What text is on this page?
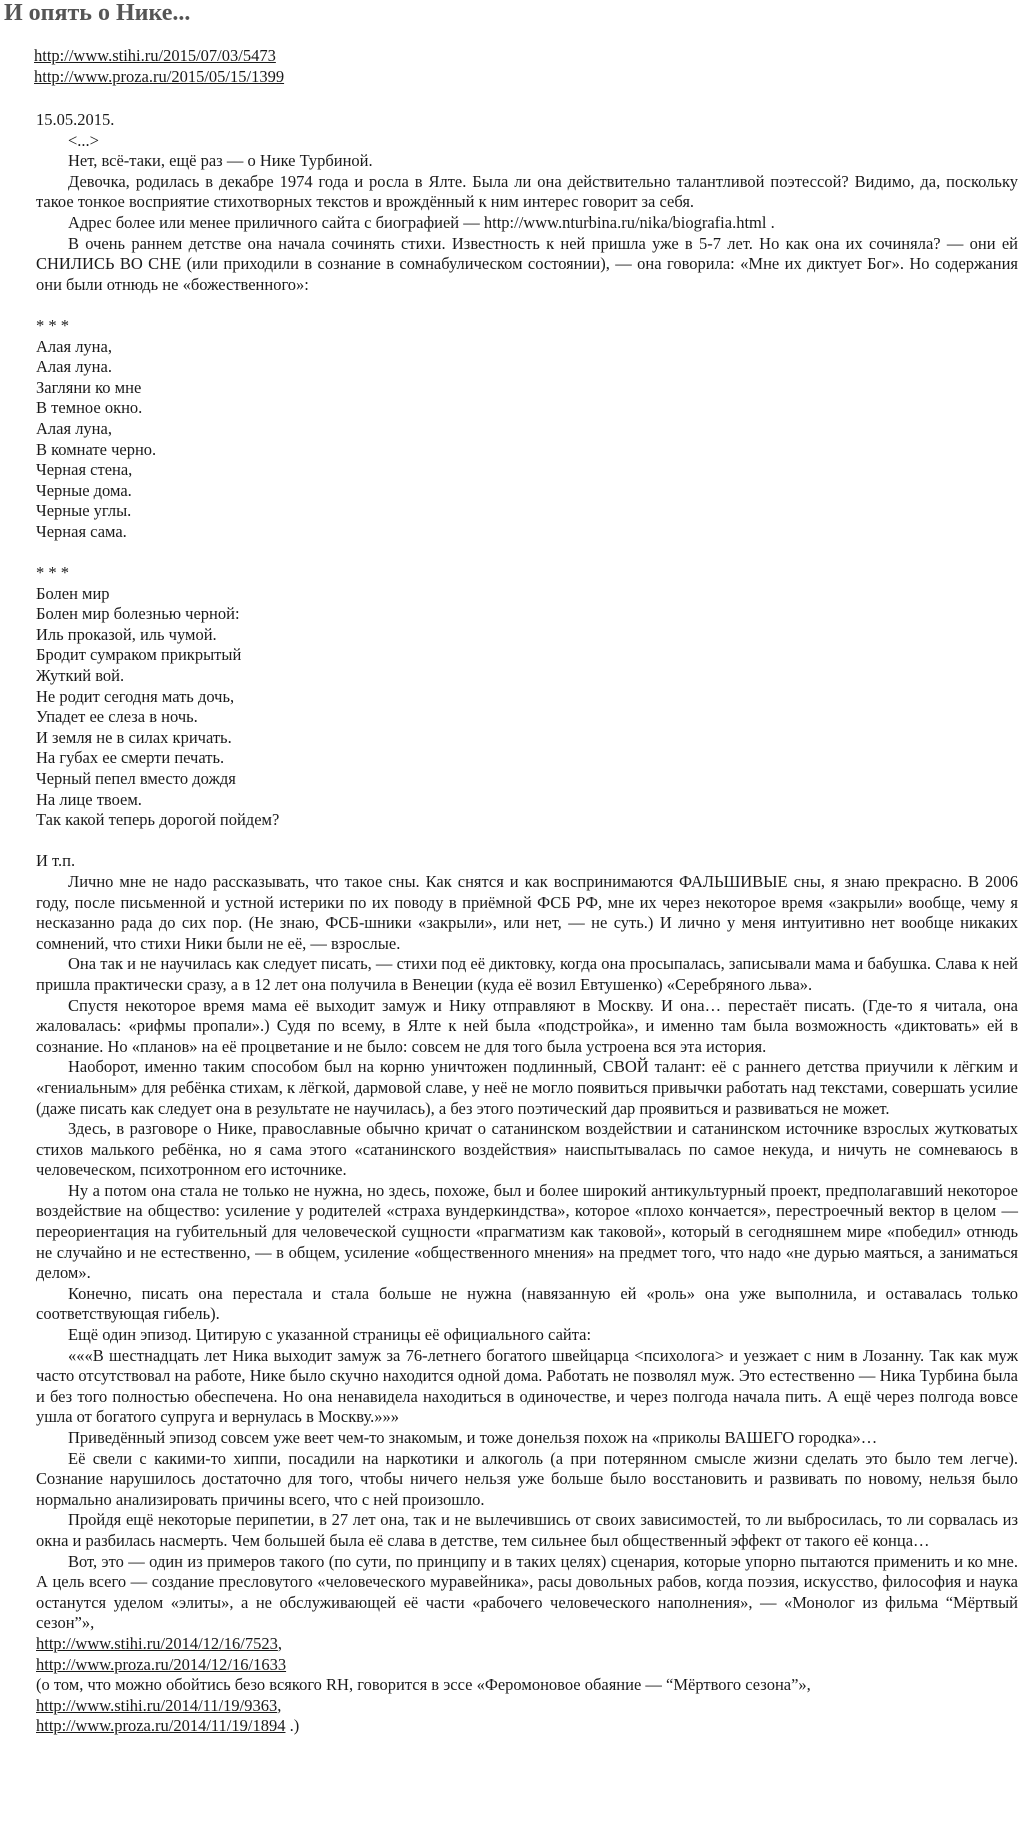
И опять о Нике...
http://www.stihi.ru/2015/07/03/5473
http://www.proza.ru/2015/05/15/1399
15.05.2015.
<...>
Нет, всё-таки, ещё раз — о Нике Турбиной.
Девочка, родилась в декабре 1974 года и росла в Ялте. Была ли она действительно талантливой поэтессой? Видимо, да, поскольку такое тонкое восприятие стихотворных текстов и врождённый к ним интерес говорит за себя.
Адрес более или менее приличного сайта с биографией — http://www.nturbina.ru/nika/biografia.html .
В очень раннем детстве она начала сочинять стихи. Известность к ней пришла уже в 5-7 лет. Но как она их сочиняла? — они ей СНИЛИСЬ ВО СНЕ (или приходили в сознание в сомнабулическом состоянии), — она говорила: «Мне их диктует Бог». Но содержания они были отнюдь не «божественного»:
* * *
Алая луна,
Алая луна.
Загляни ко мне
В темное окно.
Алая луна,
В комнате черно.
Черная стена,
Черные дома.
Черные углы.
Черная сама.
* * *
Болен мир
Болен мир болезнью черной:
Иль проказой, иль чумой.
Бродит сумраком прикрытый
Жуткий вой.
Не родит сегодня мать дочь,
Упадет ее слеза в ночь.
И земля не в силах кричать.
На губах ее смерти печать.
Черный пепел вместо дождя
На лице твоем.
Так какой теперь дорогой пойдем?
И т.п.
Лично мне не надо рассказывать, что такое сны. Как снятся и как воспринимаются ФАЛЬШИВЫЕ сны, я знаю прекрасно. В 2006 году, после письменной и устной истерики по их поводу в приёмной ФСБ РФ, мне их через некоторое время «закрыли» вообще, чему я несказанно рада до сих пор. (Не знаю, ФСБ-шники «закрыли», или нет, — не суть.) И лично у меня интуитивно нет вообще никаких сомнений, что стихи Ники были не её, — взрослые.
Она так и не научилась как следует писать, — стихи под её диктовку, когда она просыпалась, записывали мама и бабушка. Слава к ней пришла практически сразу, а в 12 лет она получила в Венеции (куда её возил Евтушенко) «Серебряного льва».
Спустя некоторое время мама её выходит замуж и Нику отправляют в Москву. И она… перестаёт писать. (Где-то я читала, она жаловалась: «рифмы пропали».) Судя по всему, в Ялте к ней была «подстройка», и именно там была возможность «диктовать» ей в сознание. Но «планов» на её процветание и не было: совсем не для того была устроена вся эта история.
Наоборот, именно таким способом был на корню уничтожен подлинный, СВОЙ талант: её с раннего детства приучили к лёгким и «гениальным» для ребёнка стихам, к лёгкой, дармовой славе, у неё не могло появиться привычки работать над текстами, совершать усилие (даже писать как следует она в результате не научилась), а без этого поэтический дар проявиться и развиваться не может.
Здесь, в разговоре о Нике, православные обычно кричат о сатанинском воздействии и сатанинском источнике взрослых жутковатых стихов малького ребёнка, но я сама этого «сатанинского воздействия» наиспытывалась по самое некуда, и ничуть не сомневаюсь в человеческом, психотронном его источнике.
Ну а потом она стала не только не нужна, но здесь, похоже, был и более широкий антикультурный проект, предполагавший некоторое воздействие на общество: усиление у родителей «страха вундеркиндства», которое «плохо кончается», перестроечный вектор в целом — переориентация на губительный для человеческой сущности «прагматизм как таковой», который в сегодняшнем мире «победил» отнюдь не случайно и не естественно, — в общем, усиление «общественного мнения» на предмет того, что надо «не дурью маяться, а заниматься делом».
Конечно, писать она перестала и стала больше не нужна (навязанную ей «роль» она уже выполнила, и оставалась только соответствующая гибель).
Ещё один эпизод. Цитирую с указанной страницы её официального сайта:
«««В шестнадцать лет Ника выходит замуж за 76-летнего богатого швейцарца <психолога> и уезжает с ним в Лозанну. Так как муж часто отсутствовал на работе, Нике было скучно находится одной дома. Работать не позволял муж. Это естественно — Ника Турбина была и без того полностью обеспечена. Но она ненавидела находиться в одиночестве, и через полгода начала пить. А ещё через полгода вовсе ушла от богатого супруга и вернулась в Москву.»»»
Приведённый эпизод совсем уже веет чем-то знакомым, и тоже донельзя похож на «приколы ВАШЕГО городка»…
Её свели с какими-то хиппи, посадили на наркотики и алкоголь (а при потерянном смысле жизни сделать это было тем легче). Сознание нарушилось достаточно для того, чтобы ничего нельзя уже больше было восстановить и развивать по новому, нельзя было нормально анализировать причины всего, что с ней произошло.
Пройдя ещё некоторые перипетии, в 27 лет она, так и не вылечившись от своих зависимостей, то ли выбросилась, то ли сорвалась из окна и разбилась насмерть. Чем большей была её слава в детстве, тем сильнее был общественный эффект от такого её конца…
Вот, это — один из примеров такого (по сути, по принципу и в таких целях) сценария, которые упорно пытаются применить и ко мне. А цель всего — создание пресловутого «человеческого муравейника», расы довольных рабов, когда поэзия, искусство, философия и наука останутся уделом «элиты», а не обслуживающей её части «рабочего человеческого наполнения», — «Монолог из фильма “Мёртвый сезон”»,
http://www.stihi.ru/2014/12/16/7523,
http://www.proza.ru/2014/12/16/1633
(о том, что можно обойтись безо всякого RH, говорится в эссе «Феромоновое обаяние — “Мёртвого сезона”»,
http://www.stihi.ru/2014/11/19/9363,
http://www.proza.ru/2014/11/19/1894 .)
